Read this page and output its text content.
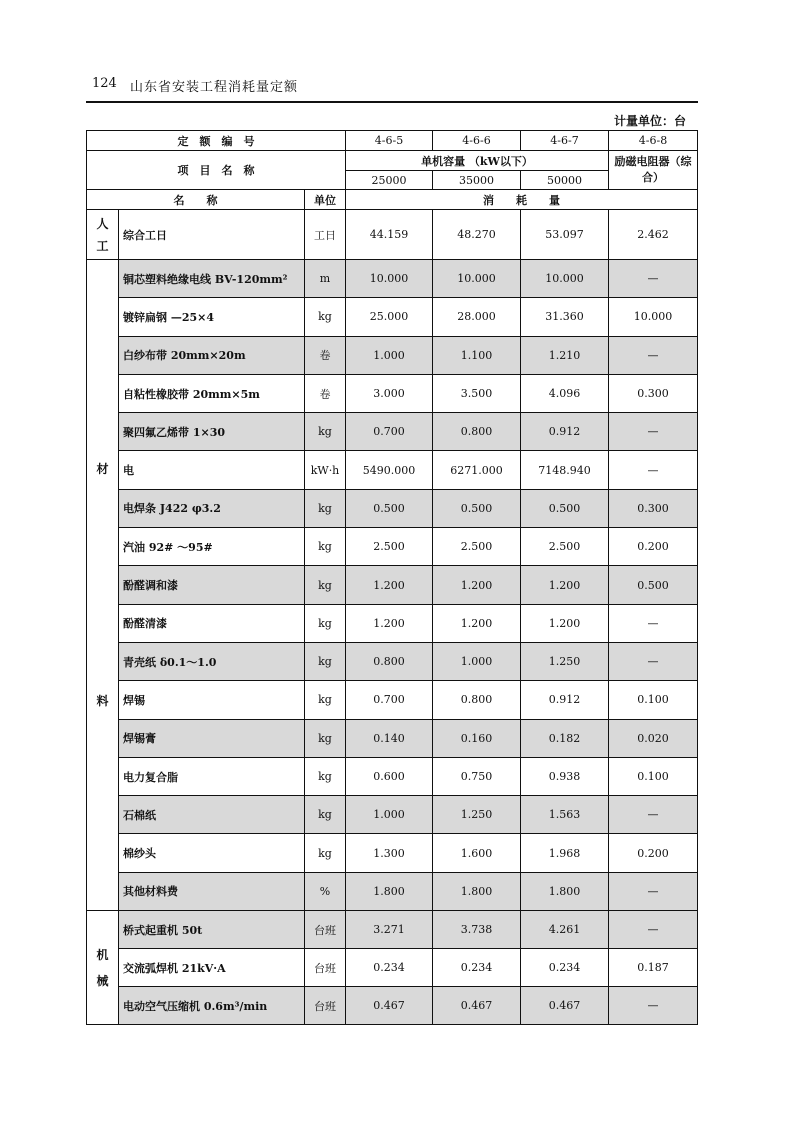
124 山东省安装工程消耗量定额
计量单位：台
定　额　编　号			4-6-5	4-6-6	4-6-7	4-6-8
项　目　名　称			单机容量 （kW以下）			励磁电阻器（综合）
			25000	35000	50000	
名　　称		单位	消　　耗　　量			

人
工	综合工日	工日	44.159	48.270	53.097	2.462

材
料	铜芯塑料绝缘电线 BV-120mm²	m	10.000	10.000	10.000	—
	镀锌扁钢 —25×4	kg	25.000	28.000	31.360	10.000
	白纱布带 20mm×20m	卷	1.000	1.100	1.210	—
	自粘性橡胶带 20mm×5m	卷	3.000	3.500	4.096	0.300
	聚四氟乙烯带 1×30	kg	0.700	0.800	0.912	—
	电	kW·h	5490.000	6271.000	7148.940	—
	电焊条 J422 φ3.2	kg	0.500	0.500	0.500	0.300
	汽油 92# ～95#	kg	2.500	2.500	2.500	0.200
	酚醛调和漆	kg	1.200	1.200	1.200	0.500
	酚醛清漆	kg	1.200	1.200	1.200	—
	青壳纸 δ0.1～1.0	kg	0.800	1.000	1.250	—
	焊锡	kg	0.700	0.800	0.912	0.100
	焊锡膏	kg	0.140	0.160	0.182	0.020
	电力复合脂	kg	0.600	0.750	0.938	0.100
	石棉纸	kg	1.000	1.250	1.563	—
	棉纱头	kg	1.300	1.600	1.968	0.200
	其他材料费	%	1.800	1.800	1.800	—

机
械	桥式起重机 50t	台班	3.271	3.738	4.261	—
	交流弧焊机 21kV·A	台班	0.234	0.234	0.234	0.187
	电动空气压缩机 0.6m³/min	台班	0.467	0.467	0.467	—
